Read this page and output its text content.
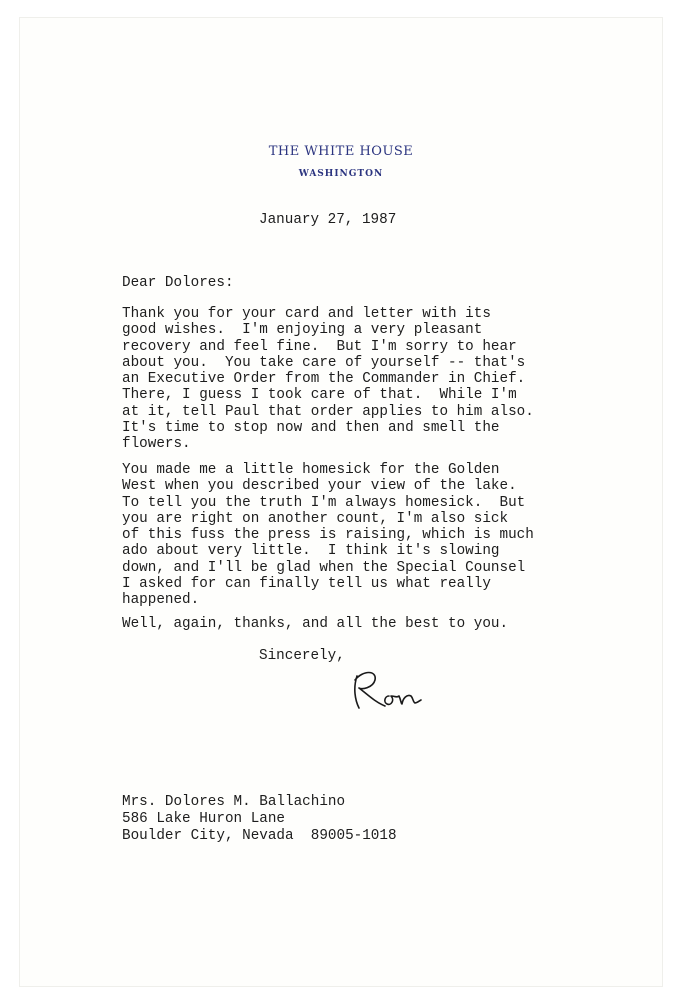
THE WHITE HOUSE
WASHINGTON
January 27, 1987
Dear Dolores:
Thank you for your card and letter with its
good wishes.  I'm enjoying a very pleasant
recovery and feel fine.  But I'm sorry to hear
about you.  You take care of yourself -- that's
an Executive Order from the Commander in Chief.
There, I guess I took care of that.  While I'm
at it, tell Paul that order applies to him also.
It's time to stop now and then and smell the
flowers.
You made me a little homesick for the Golden
West when you described your view of the lake.
To tell you the truth I'm always homesick.  But
you are right on another count, I'm also sick
of this fuss the press is raising, which is much
ado about very little.  I think it's slowing
down, and I'll be glad when the Special Counsel
I asked for can finally tell us what really
happened.
Well, again, thanks, and all the best to you.
Sincerely,
Mrs. Dolores M. Ballachino
586 Lake Huron Lane
Boulder City, Nevada  89005-1018
